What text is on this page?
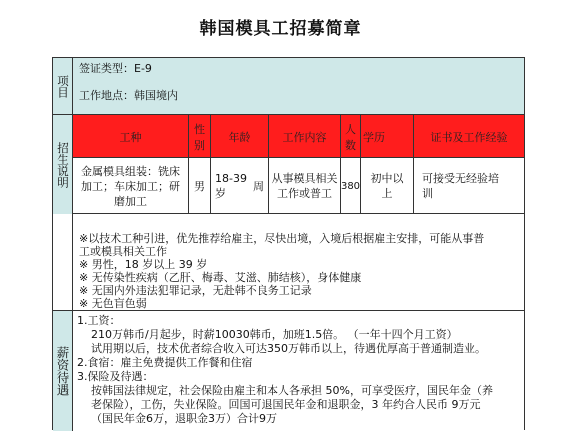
韩国模具工招募简章
项目
签证类型：E-9
工作地点：韩国境内
招生说明
工种
性别
年龄	工作内容
人数
学历	证书及工作经验
金属模具组装：铣床
加工；车床加工；研
磨加工
男
18-39
岁
周
从事模具相关
工作或普工
380
初中以
上
可接受无经验培
训
※以技术工种引进，优先推荐给雇主，尽快出境，入境后根据雇主安排，可能从事普
工或模具相关工作
※ 男性，18 岁以上 39 岁
※ 无传染性疾病（乙肝、梅毒、艾滋、肺结核），身体健康
※ 无国内外违法犯罪记录，无赴韩不良务工记录
※ 无色盲色弱
薪资待遇
1.工资：
210万韩币/月起步，时薪10030韩币，加班1.5倍。 （一年十四个月工资）
试用期以后，技术优者综合收入可达350万韩币以上，待遇优厚高于普通制造业。
2.食宿：雇主免费提供工作餐和住宿
3.保险及待遇：
按韩国法律规定，社会保险由雇主和本人各承担 50%，可享受医疗，国民年金（养
老保险），工伤，失业保险。回国可退国民年金和退职金，3 年约合人民币 9万元
（国民年金6万，退职金3万）合计9万
